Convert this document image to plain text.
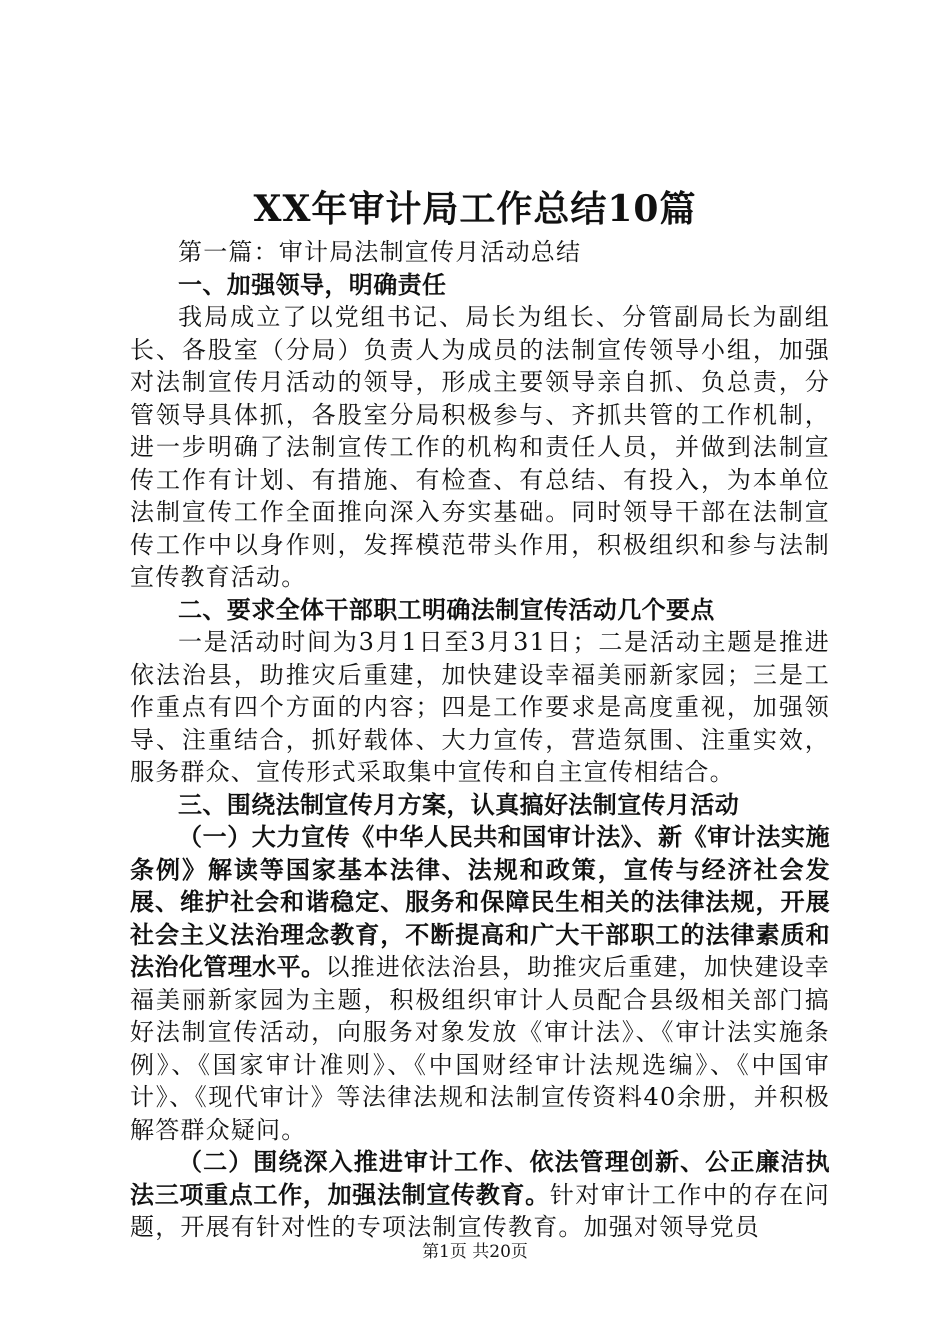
XX年审计局工作总结10篇

第一篇：审计局法制宣传月活动总结

一、加强领导，明确责任

我局成立了以党组书记、局长为组长、分管副局长为副组长、各股室（分局）负责人为成员的法制宣传领导小组，加强对法制宣传月活动的领导，形成主要领导亲自抓、负总责，分管领导具体抓，各股室分局积极参与、齐抓共管的工作机制，进一步明确了法制宣传工作的机构和责任人员，并做到法制宣传工作有计划、有措施、有检查、有总结、有投入，为本单位法制宣传工作全面推向深入夯实基础。同时领导干部在法制宣传工作中以身作则，发挥模范带头作用，积极组织和参与法制宣传教育活动。

二、要求全体干部职工明确法制宣传活动几个要点

一是活动时间为3月1日至3月31日；二是活动主题是推进依法治县，助推灾后重建，加快建设幸福美丽新家园；三是工作重点有四个方面的内容；四是工作要求是高度重视，加强领导、注重结合，抓好载体、大力宣传，营造氛围、注重实效，服务群众、宣传形式采取集中宣传和自主宣传相结合。

三、围绕法制宣传月方案，认真搞好法制宣传月活动

（一）大力宣传《中华人民共和国审计法》、新《审计法实施条例》解读等国家基本法律、法规和政策，宣传与经济社会发展、维护社会和谐稳定、服务和保障民生相关的法律法规，开展社会主义法治理念教育，不断提高和广大干部职工的法律素质和法治化管理水平。以推进依法治县，助推灾后重建，加快建设幸福美丽新家园为主题，积极组织审计人员配合县级相关部门搞好法制宣传活动，向服务对象发放《审计法》、《审计法实施条例》、《国家审计准则》、《中国财经审计法规选编》、《中国审计》、《现代审计》等法律法规和法制宣传资料40余册，并积极解答群众疑问。

（二）围绕深入推进审计工作、依法管理创新、公正廉洁执法三项重点工作，加强法制宣传教育。针对审计工作中的存在问题，开展有针对性的专项法制宣传教育。加强对领导党员

第1页 共20页
